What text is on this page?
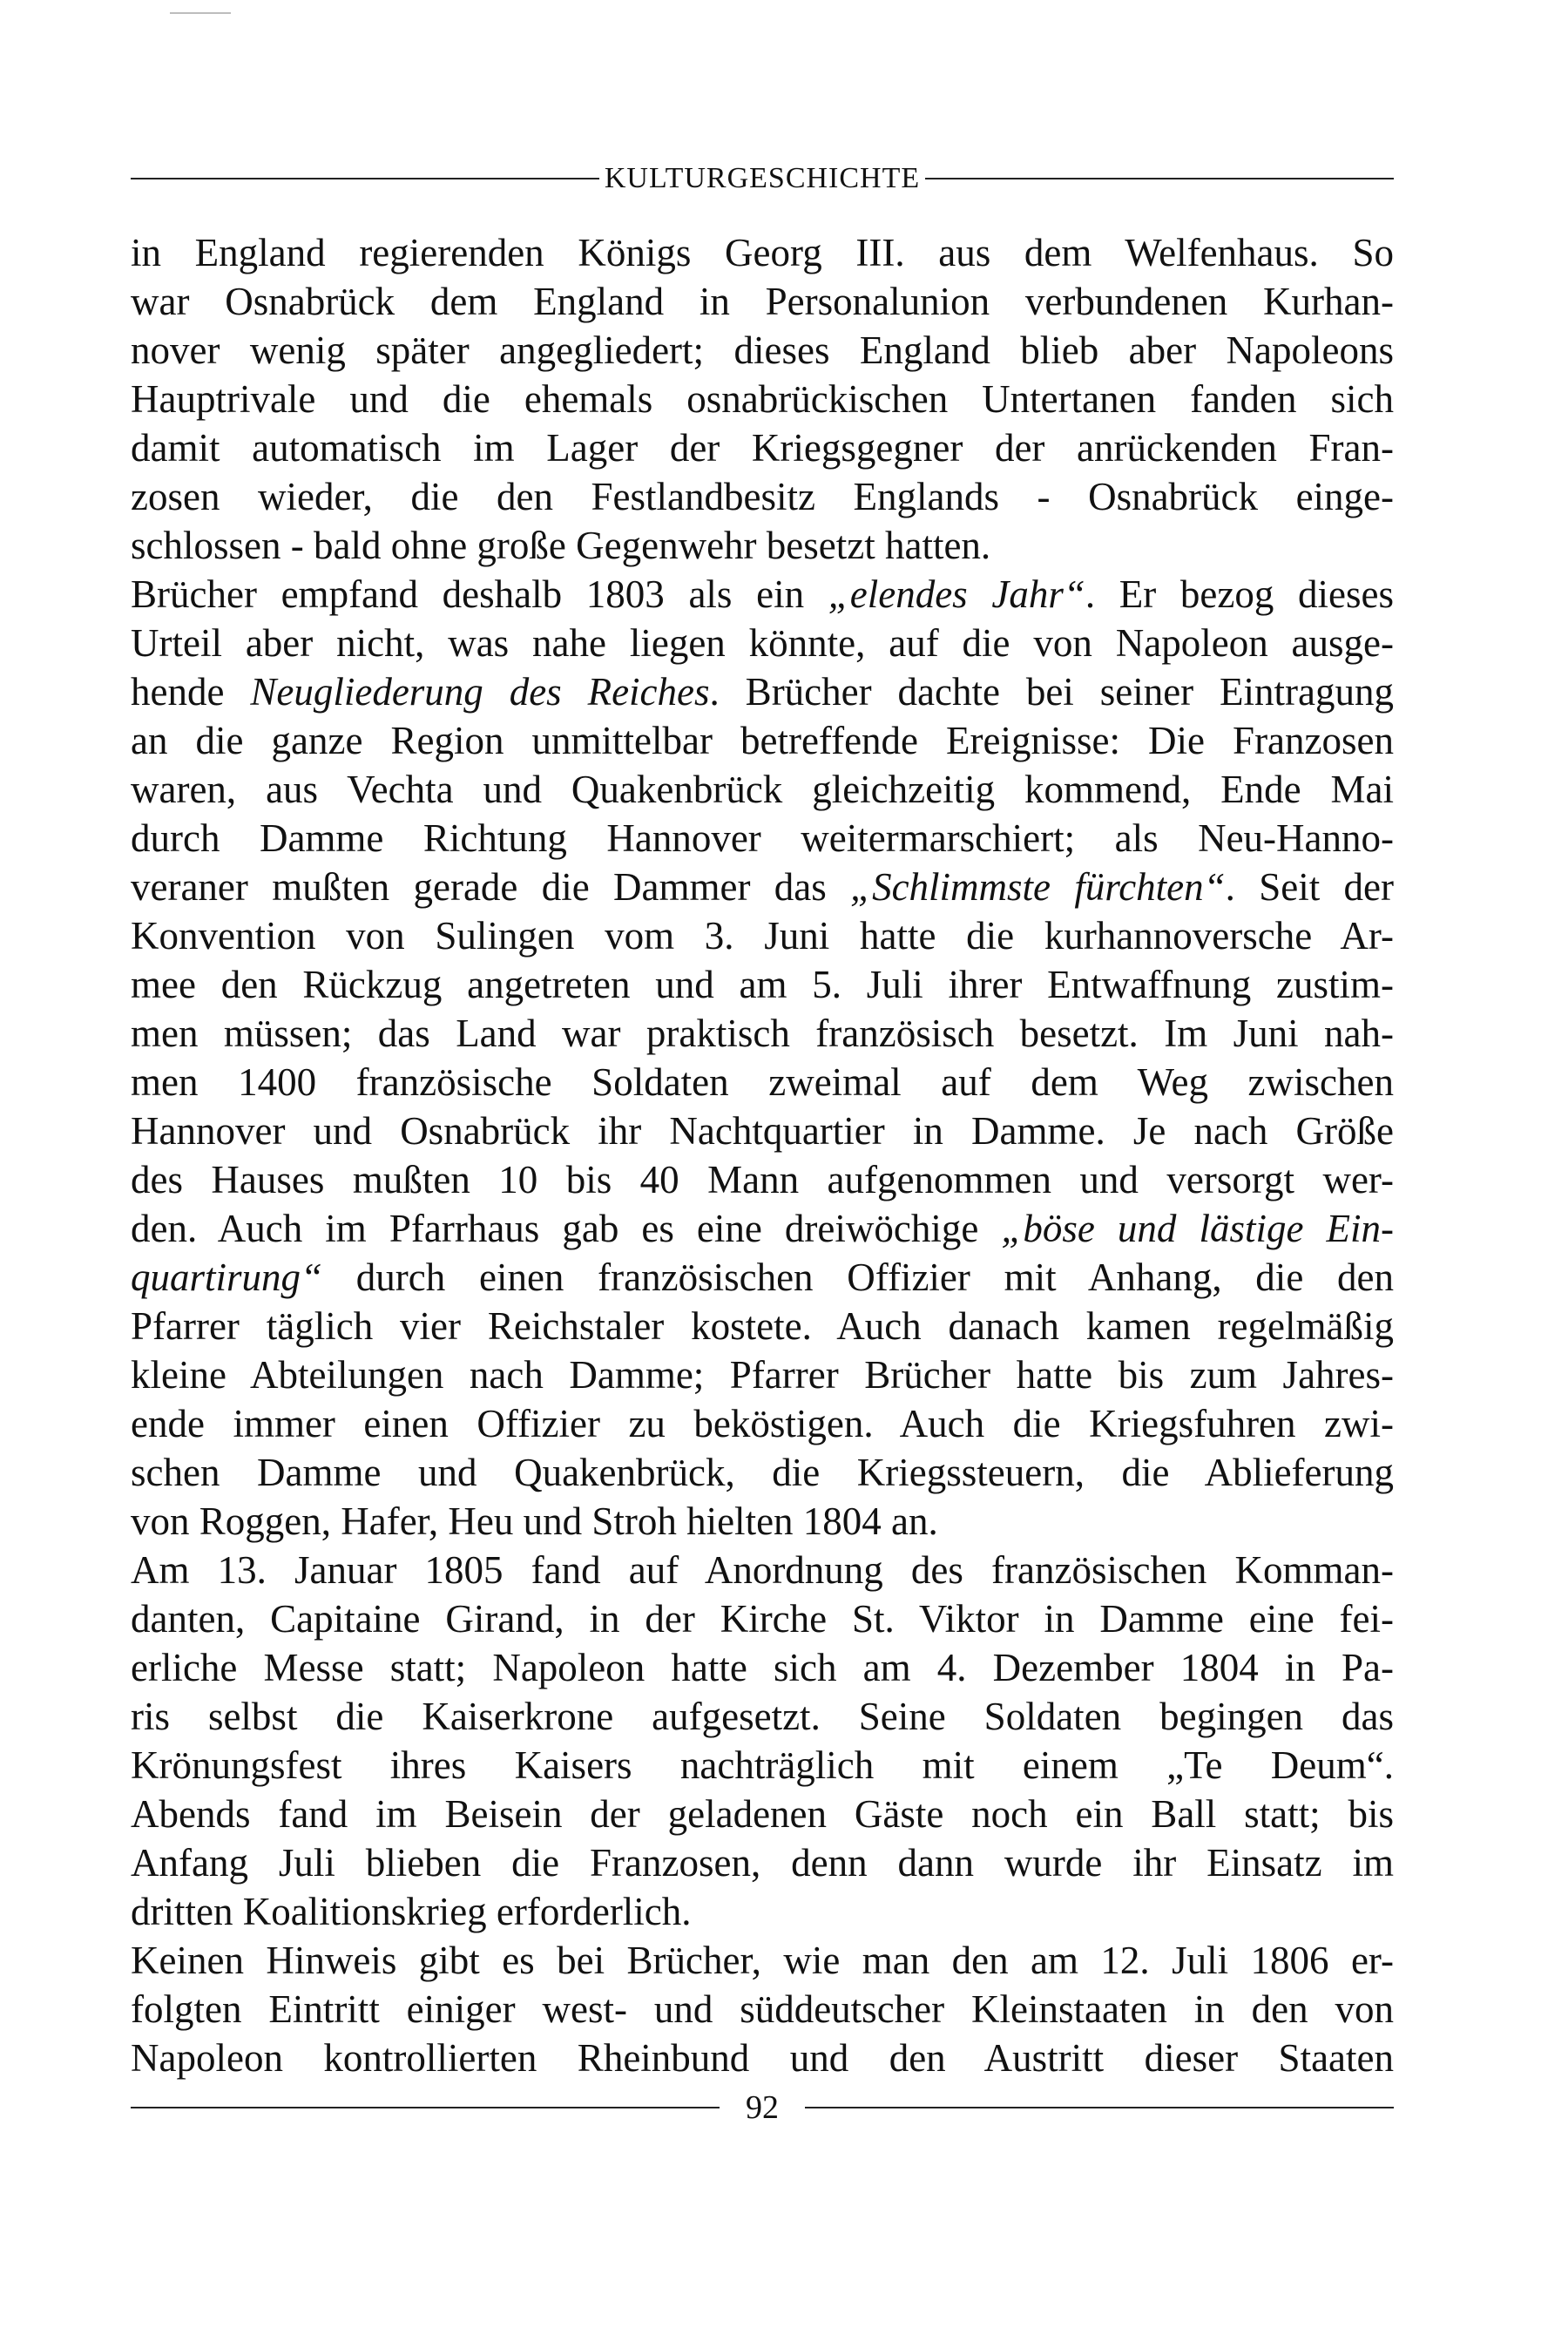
KULTURGESCHICHTE
in England regierenden Königs Georg III. aus dem Welfenhaus. So
war Osnabrück dem England in Personalunion verbundenen Kurhan-
nover wenig später angegliedert; dieses England blieb aber Napoleons
Hauptrivale und die ehemals osnabrückischen Untertanen fanden sich
damit automatisch im Lager der Kriegsgegner der anrückenden Fran-
zosen wieder, die den Festlandbesitz Englands - Osnabrück einge-
schlossen - bald ohne große Gegenwehr besetzt hatten.
Brücher empfand deshalb 1803 als ein „elendes Jahr“. Er bezog dieses
Urteil aber nicht, was nahe liegen könnte, auf die von Napoleon ausge-
hende Neugliederung des Reiches. Brücher dachte bei seiner Eintragung
an die ganze Region unmittelbar betreffende Ereignisse: Die Franzosen
waren, aus Vechta und Quakenbrück gleichzeitig kommend, Ende Mai
durch Damme Richtung Hannover weitermarschiert; als Neu-Hanno-
veraner mußten gerade die Dammer das „Schlimmste fürchten“. Seit der
Konvention von Sulingen vom 3. Juni hatte die kurhannoversche Ar-
mee den Rückzug angetreten und am 5. Juli ihrer Entwaffnung zustim-
men müssen; das Land war praktisch französisch besetzt. Im Juni nah-
men 1400 französische Soldaten zweimal auf dem Weg zwischen
Hannover und Osnabrück ihr Nachtquartier in Damme. Je nach Größe
des Hauses mußten 10 bis 40 Mann aufgenommen und versorgt wer-
den. Auch im Pfarrhaus gab es eine dreiwöchige „böse und lästige Ein-
quartirung“ durch einen französischen Offizier mit Anhang, die den
Pfarrer täglich vier Reichstaler kostete. Auch danach kamen regelmäßig
kleine Abteilungen nach Damme; Pfarrer Brücher hatte bis zum Jahres-
ende immer einen Offizier zu beköstigen. Auch die Kriegsfuhren zwi-
schen Damme und Quakenbrück, die Kriegssteuern, die Ablieferung
von Roggen, Hafer, Heu und Stroh hielten 1804 an.
Am 13. Januar 1805 fand auf Anordnung des französischen Komman-
danten, Capitaine Girand, in der Kirche St. Viktor in Damme eine fei-
erliche Messe statt; Napoleon hatte sich am 4. Dezember 1804 in Pa-
ris selbst die Kaiserkrone aufgesetzt. Seine Soldaten begingen das
Krönungsfest ihres Kaisers nachträglich mit einem „Te Deum“.
Abends fand im Beisein der geladenen Gäste noch ein Ball statt; bis
Anfang Juli blieben die Franzosen, denn dann wurde ihr Einsatz im
dritten Koalitionskrieg erforderlich.
Keinen Hinweis gibt es bei Brücher, wie man den am 12. Juli 1806 er-
folgten Eintritt einiger west- und süddeutscher Kleinstaaten in den von
Napoleon kontrollierten Rheinbund und den Austritt dieser Staaten
92
